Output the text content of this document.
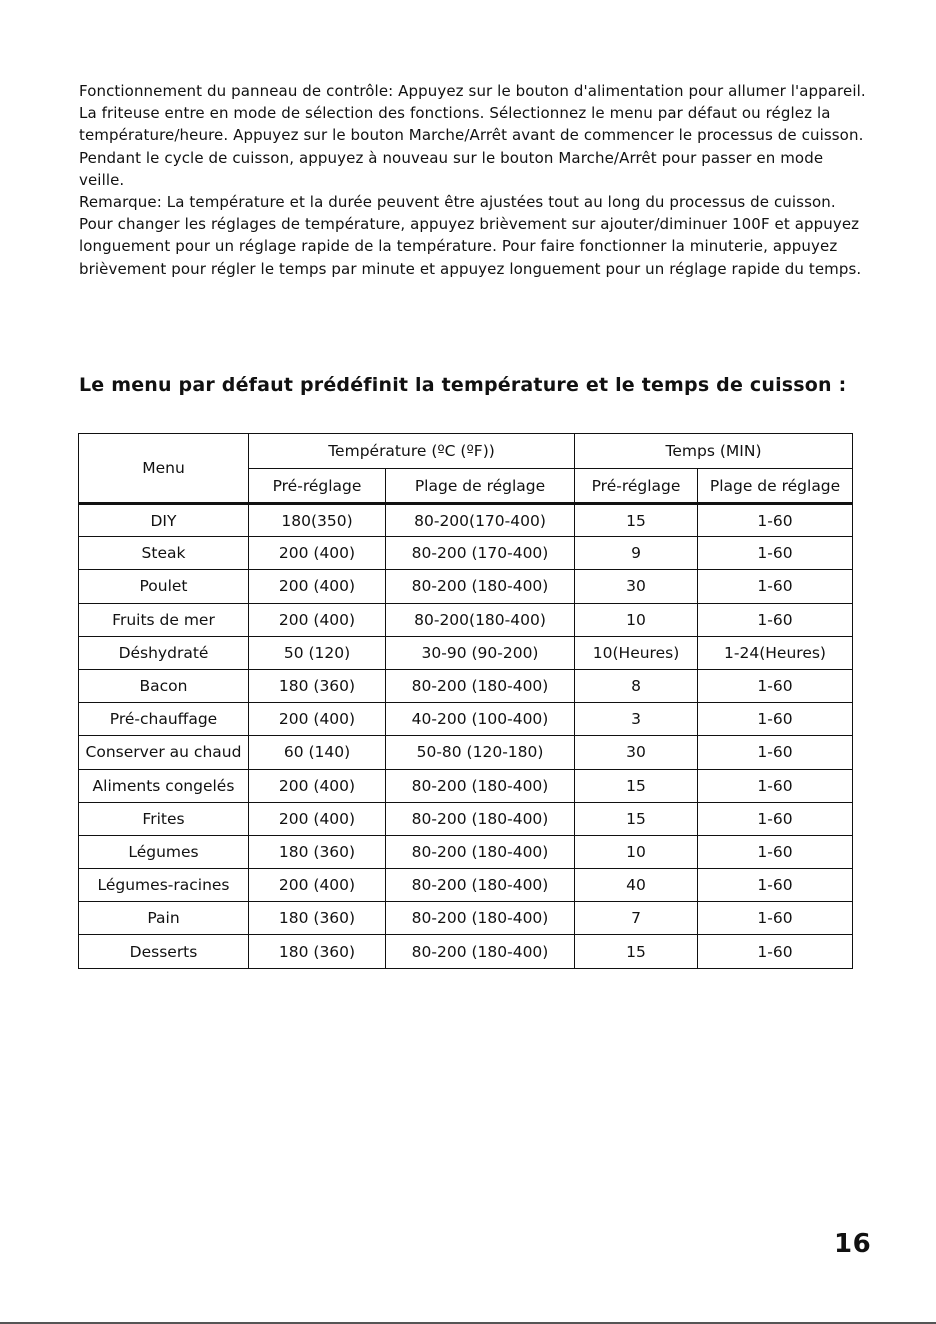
Fonctionnement du panneau de contrôle: Appuyez sur le bouton d'alimentation pour allumer l'appareil. La friteuse entre en mode de sélection des fonctions. Sélectionnez le menu par défaut ou réglez la température/heure. Appuyez sur le bouton Marche/Arrêt avant de commencer le processus de cuisson. Pendant le cycle de cuisson, appuyez à nouveau sur le bouton Marche/Arrêt pour passer en mode veille.

Remarque: La température et la durée peuvent être ajustées tout au long du processus de cuisson. Pour changer les réglages de température, appuyez brièvement sur ajouter/diminuer 100F et appuyez longuement pour un réglage rapide de la température. Pour faire fonctionner la minuterie, appuyez brièvement pour régler le temps par minute et appuyez longuement pour un réglage rapide du temps.

Le menu par défaut prédéfinit la température et le temps de cuisson :
Menu	Température (ºC (ºF))		Temps (MIN)	
	Pré-réglage	Plage de réglage	Pré-réglage	Plage de réglage
DIY	180(350)	80-200(170-400)	15	1-60
Steak	200 (400)	80-200 (170-400)	9	1-60
Poulet	200 (400)	80-200 (180-400)	30	1-60
Fruits de mer	200 (400)	80-200(180-400)	10	1-60
Déshydraté	50 (120)	30-90 (90-200)	10(Heures)	1-24(Heures)
Bacon	180 (360)	80-200 (180-400)	8	1-60
Pré-chauffage	200 (400)	40-200 (100-400)	3	1-60
Conserver au chaud	60 (140)	50-80 (120-180)	30	1-60
Aliments congelés	200 (400)	80-200 (180-400)	15	1-60
Frites	200 (400)	80-200 (180-400)	15	1-60
Légumes	180 (360)	80-200 (180-400)	10	1-60
Légumes-racines	200 (400)	80-200 (180-400)	40	1-60
Pain	180 (360)	80-200 (180-400)	7	1-60
Desserts	180 (360)	80-200 (180-400)	15	1-60
16
